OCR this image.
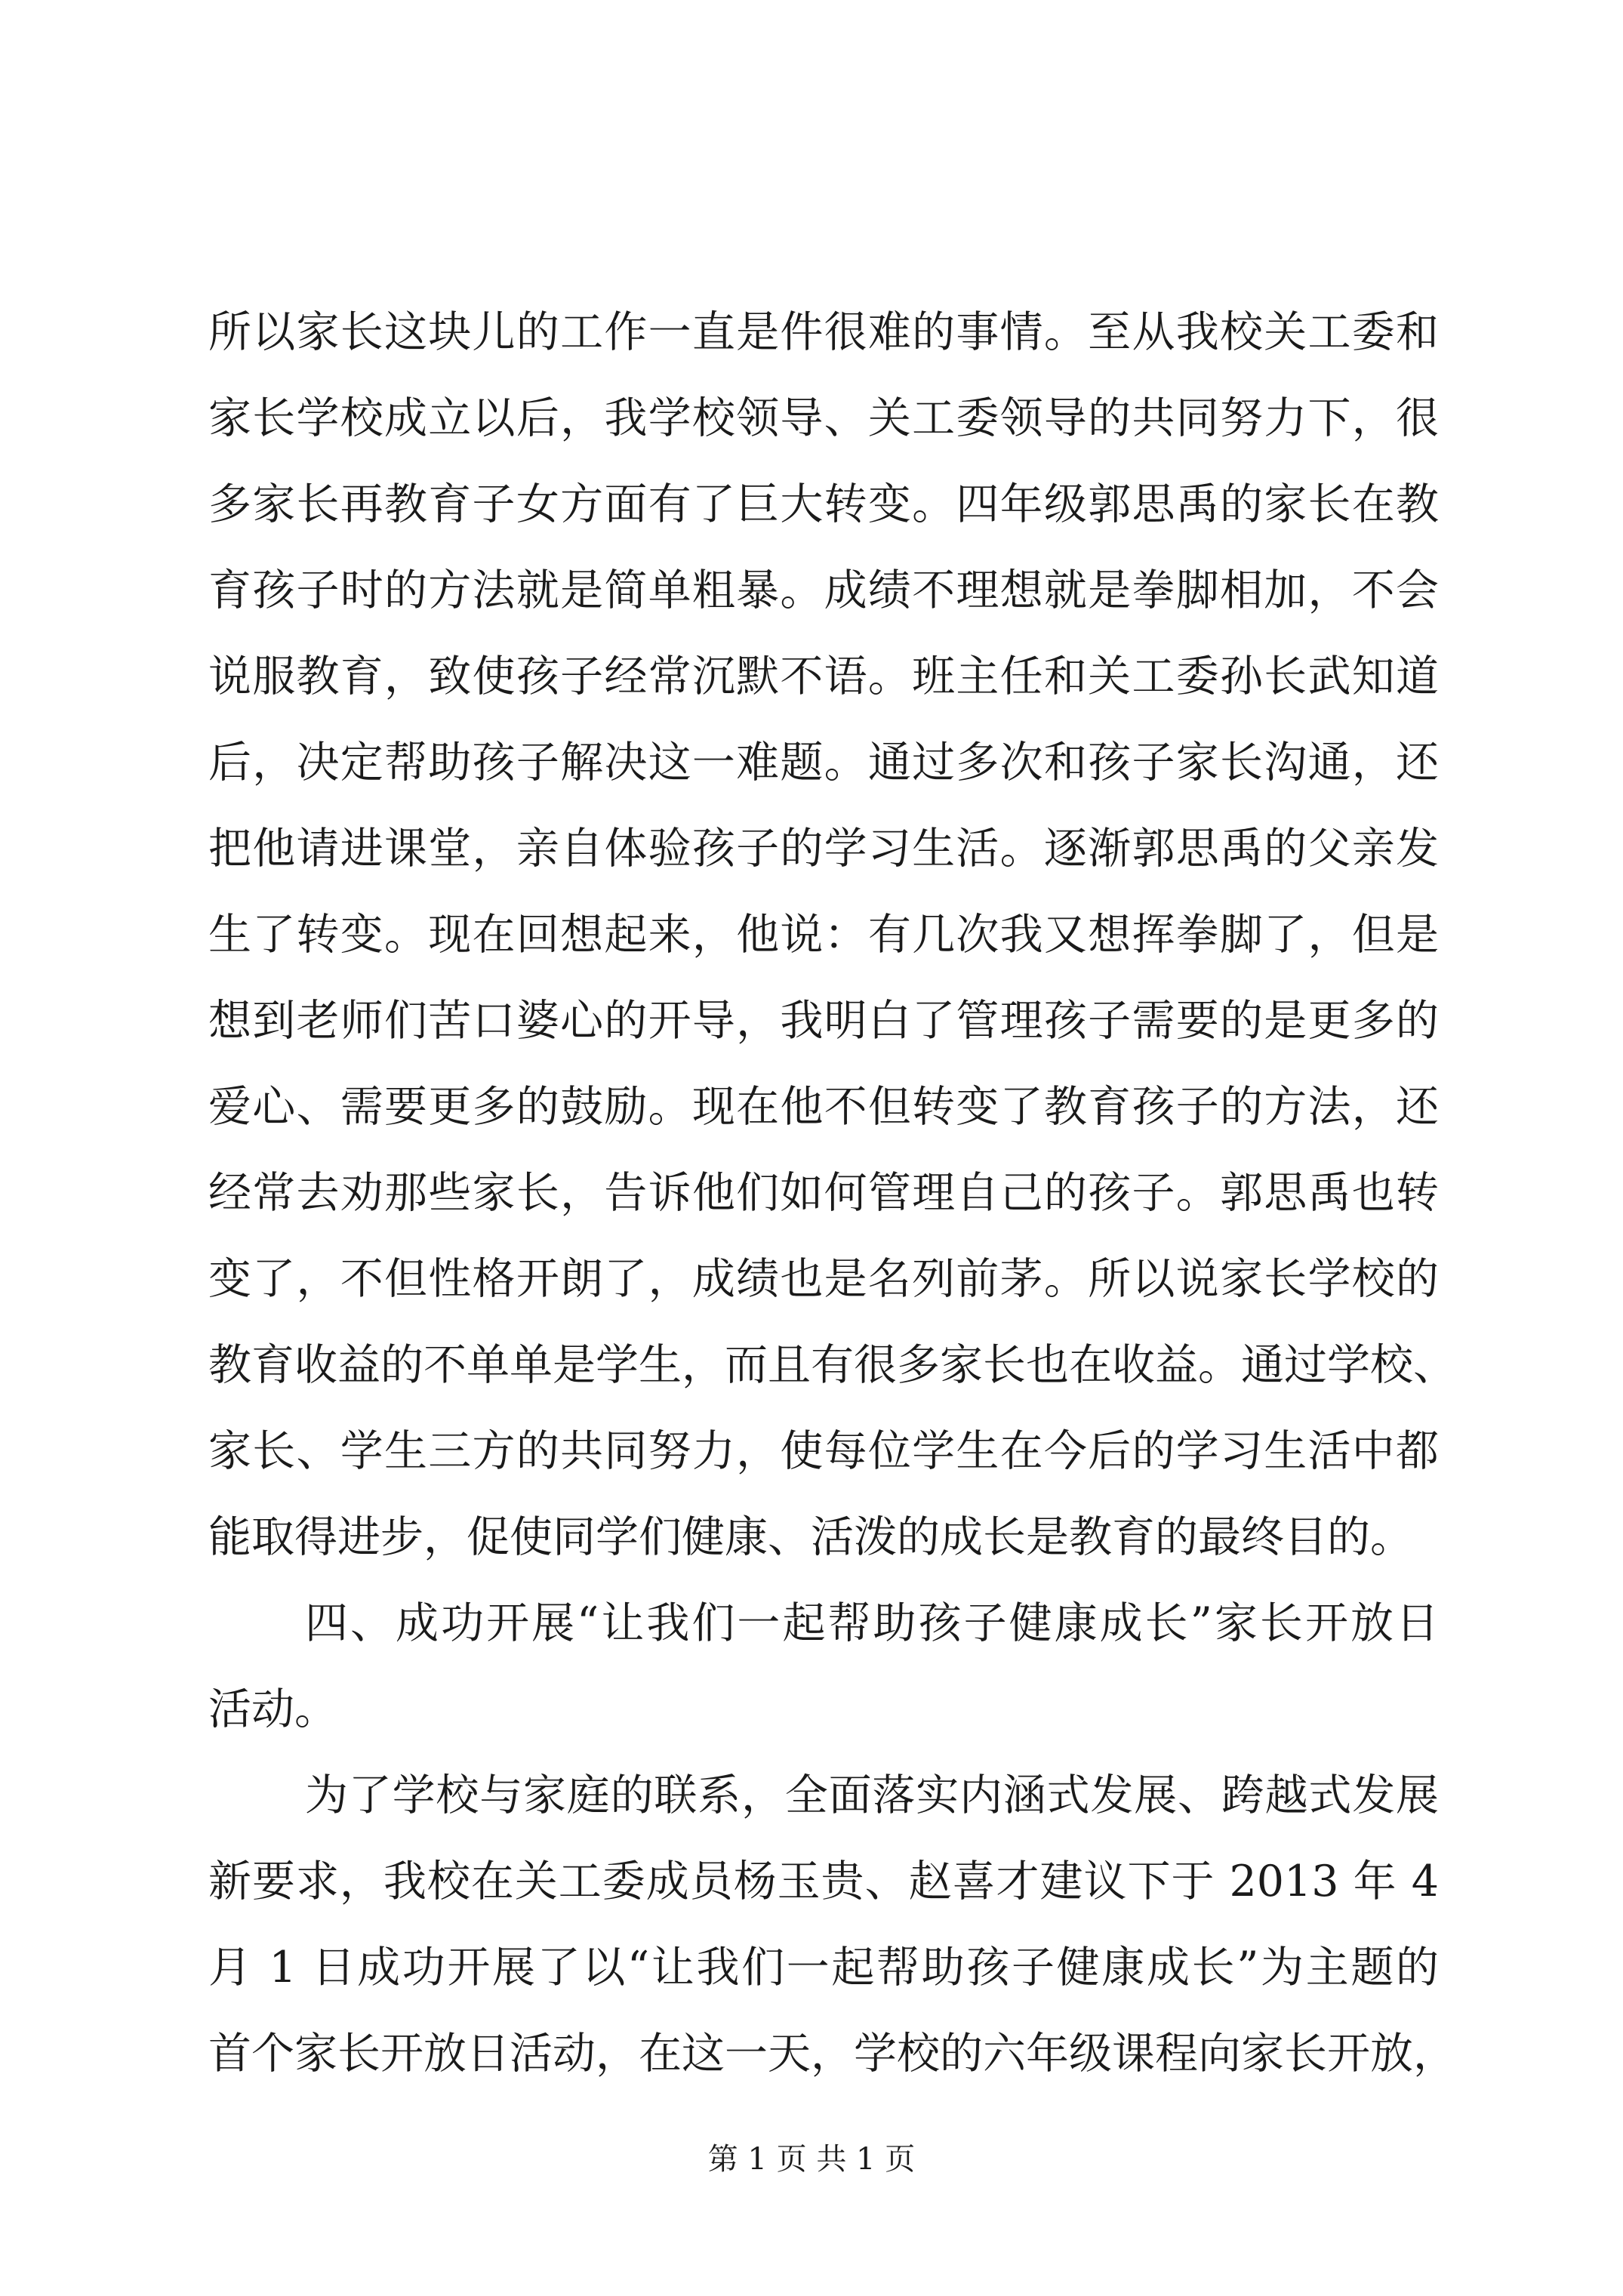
所以家长这块儿的工作一直是件很难的事情。至从我校关工委和
家长学校成立以后，我学校领导、关工委领导的共同努力下，很
多家长再教育子女方面有了巨大转变。四年级郭思禹的家长在教
育孩子时的方法就是简单粗暴。成绩不理想就是拳脚相加，不会
说服教育，致使孩子经常沉默不语。班主任和关工委孙长武知道
后，决定帮助孩子解决这一难题。通过多次和孩子家长沟通，还
把他请进课堂，亲自体验孩子的学习生活。逐渐郭思禹的父亲发
生了转变。现在回想起来，他说：有几次我又想挥拳脚了，但是
想到老师们苦口婆心的开导，我明白了管理孩子需要的是更多的
爱心、需要更多的鼓励。现在他不但转变了教育孩子的方法，还
经常去劝那些家长，告诉他们如何管理自己的孩子。郭思禹也转
变了，不但性格开朗了，成绩也是名列前茅。所以说家长学校的
教育收益的不单单是学生，而且有很多家长也在收益。通过学校、
家长、学生三方的共同努力，使每位学生在今后的学习生活中都
能取得进步，促使同学们健康、活泼的成长是教育的最终目的。
四、成功开展“让我们一起帮助孩子健康成长”家长开放日
活动。
为了学校与家庭的联系，全面落实内涵式发展、跨越式发展
新要求，我校在关工委成员杨玉贵、赵喜才建议下于 2013 年 4
月 1 日成功开展了以“让我们一起帮助孩子健康成长”为主题的
首个家长开放日活动，在这一天，学校的六年级课程向家长开放，
第 1 页 共 1 页
